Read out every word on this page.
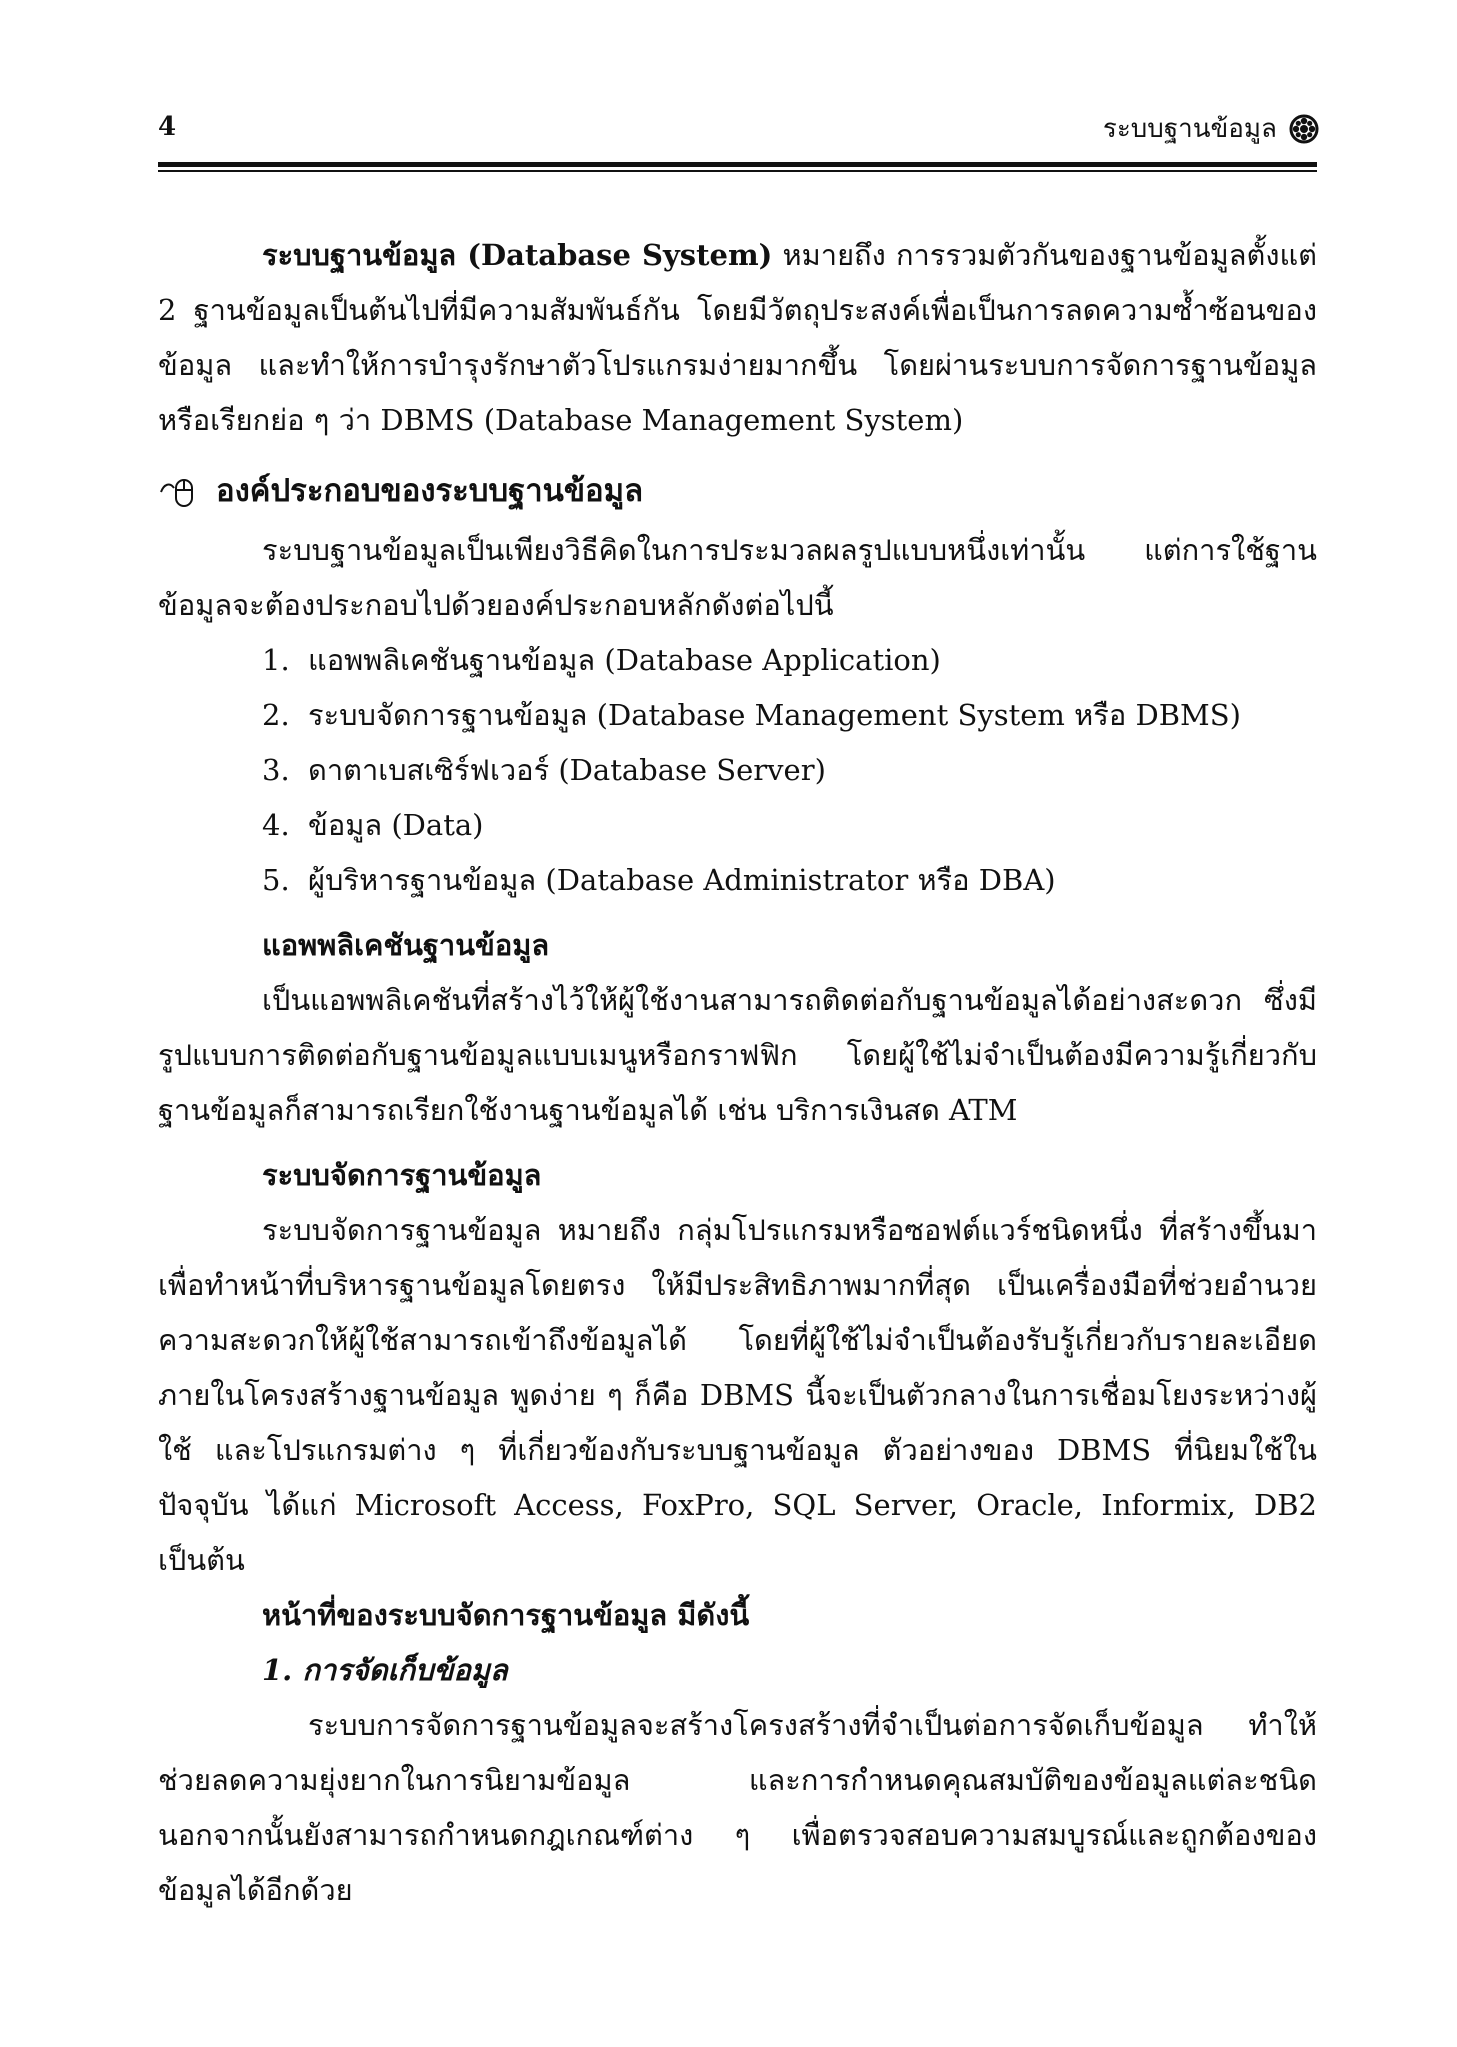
4	ระบบฐานข้อมูล

ระบบฐานข้อมูล (Database System) หมายถึง การรวมตัวกันของฐานข้อมูลตั้งแต่ 2 ฐานข้อมูลเป็นต้นไปที่มีความสัมพันธ์กัน โดยมีวัตถุประสงค์เพื่อเป็นการลดความซ้ำซ้อนของข้อมูล และทำให้การบำรุงรักษาตัวโปรแกรมง่ายมากขึ้น โดยผ่านระบบการจัดการฐานข้อมูล หรือเรียกย่อ ๆ ว่า DBMS (Database Management System)

องค์ประกอบของระบบฐานข้อมูล

ระบบฐานข้อมูลเป็นเพียงวิธีคิดในการประมวลผลรูปแบบหนึ่งเท่านั้น แต่การใช้ฐานข้อมูลจะต้องประกอบไปด้วยองค์ประกอบหลักดังต่อไปนี้

1. แอพพลิเคชันฐานข้อมูล (Database Application)
2. ระบบจัดการฐานข้อมูล (Database Management System หรือ DBMS)
3. ดาตาเบสเซิร์ฟเวอร์ (Database Server)
4. ข้อมูล (Data)
5. ผู้บริหารฐานข้อมูล (Database Administrator หรือ DBA)

แอพพลิเคชันฐานข้อมูล

เป็นแอพพลิเคชันที่สร้างไว้ให้ผู้ใช้งานสามารถติดต่อกับฐานข้อมูลได้อย่างสะดวก ซึ่งมีรูปแบบการติดต่อกับฐานข้อมูลแบบเมนูหรือกราฟฟิก โดยผู้ใช้ไม่จำเป็นต้องมีความรู้เกี่ยวกับฐานข้อมูลก็สามารถเรียกใช้งานฐานข้อมูลได้ เช่น บริการเงินสด ATM

ระบบจัดการฐานข้อมูล

ระบบจัดการฐานข้อมูล หมายถึง กลุ่มโปรแกรมหรือซอฟต์แวร์ชนิดหนึ่ง ที่สร้างขึ้นมาเพื่อทำหน้าที่บริหารฐานข้อมูลโดยตรง ให้มีประสิทธิภาพมากที่สุด เป็นเครื่องมือที่ช่วยอำนวยความสะดวกให้ผู้ใช้สามารถเข้าถึงข้อมูลได้ โดยที่ผู้ใช้ไม่จำเป็นต้องรับรู้เกี่ยวกับรายละเอียดภายในโครงสร้างฐานข้อมูล พูดง่าย ๆ ก็คือ DBMS นี้จะเป็นตัวกลางในการเชื่อมโยงระหว่างผู้ใช้ และโปรแกรมต่าง ๆ ที่เกี่ยวข้องกับระบบฐานข้อมูล ตัวอย่างของ DBMS ที่นิยมใช้ในปัจจุบัน ได้แก่ Microsoft Access, FoxPro, SQL Server, Oracle, Informix, DB2 เป็นต้น

หน้าที่ของระบบจัดการฐานข้อมูล มีดังนี้

1. การจัดเก็บข้อมูล

ระบบการจัดการฐานข้อมูลจะสร้างโครงสร้างที่จำเป็นต่อการจัดเก็บข้อมูล ทำให้ช่วยลดความยุ่งยากในการนิยามข้อมูล และการกำหนดคุณสมบัติของข้อมูลแต่ละชนิด นอกจากนั้นยังสามารถกำหนดกฎเกณฑ์ต่าง ๆ เพื่อตรวจสอบความสมบูรณ์และถูกต้องของข้อมูลได้อีกด้วย
